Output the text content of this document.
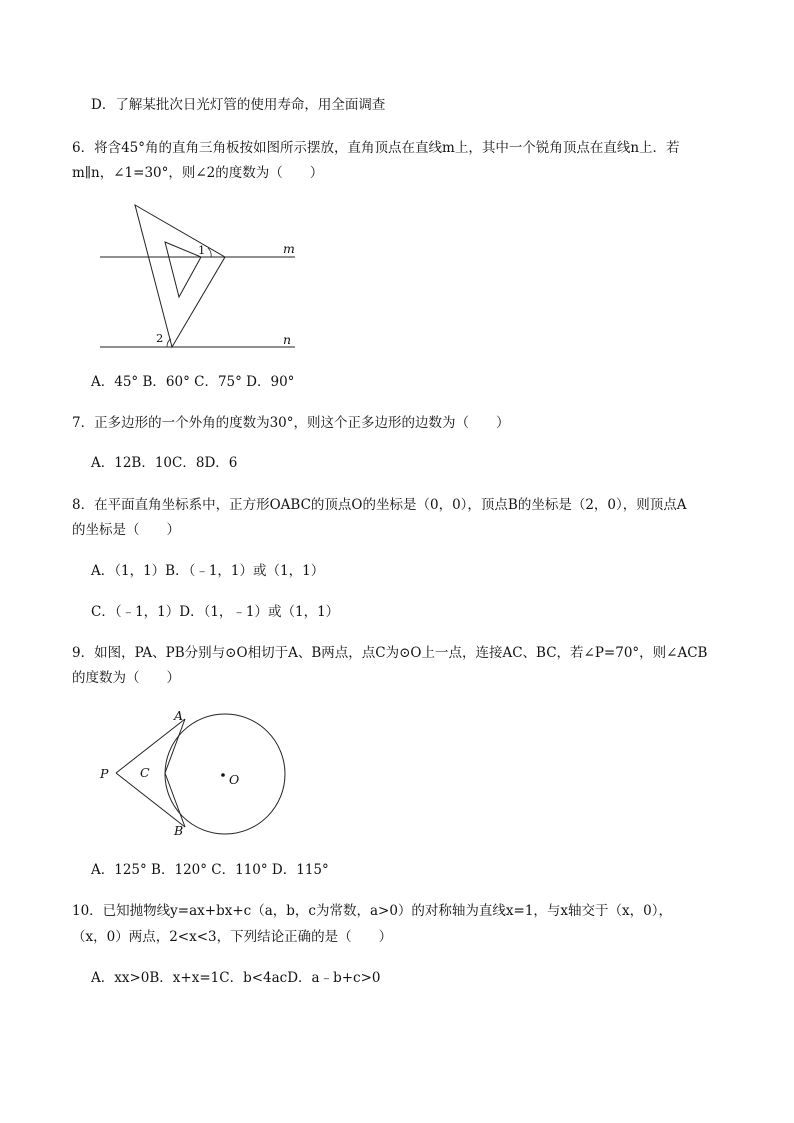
D．了解某批次日光灯管的使用寿命，用全面调查
6．将含45°角的直角三角板按如图所示摆放，直角顶点在直线m上，其中一个锐角顶点在直线n上．若
m∥n，∠1=30°，则∠2的度数为（　　）
1
2
m
n
A．45° B．60° C．75° D．90°
7．正多边形的一个外角的度数为30°，则这个正多边形的边数为（　　）
A．12B．10C．8D．6
8．在平面直角坐标系中，正方形OABC的顶点O的坐标是（0，0），顶点B的坐标是（2，0），则顶点A
的坐标是（　　）
A．（1，1）B．（﹣1，1）或（1，1）
C．（﹣1，1）D．（1，﹣1）或（1，1）
9．如图，PA、PB分别与⊙O相切于A、B两点，点C为⊙O上一点，连接AC、BC，若∠P=70°，则∠ACB
的度数为（　　）
A
B
C
P	O
A．125° B．120° C．110° D．115°
10．已知抛物线y=ax+bx+c（a，b，c为常数，a>0）的对称轴为直线x=1，与x轴交于（x，0），
（x，0）两点，2<x<3，下列结论正确的是（　　）
A．xx>0B．x+x=1C．b<4acD．a﹣b+c>0
